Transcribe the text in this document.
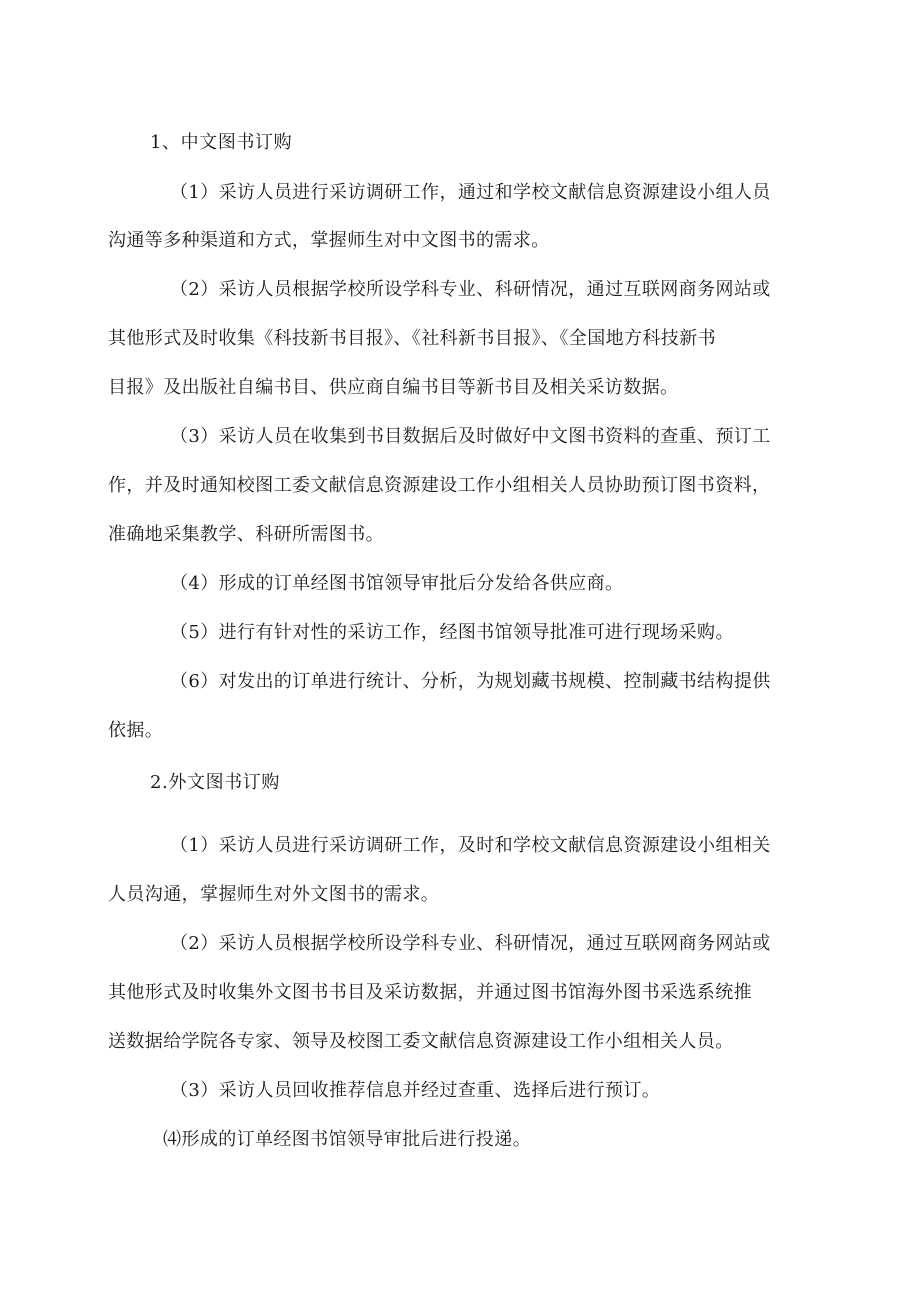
1、中文图书订购
（1）采访人员进行采访调研工作，通过和学校文献信息资源建设小组人员
沟通等多种渠道和方式，掌握师生对中文图书的需求。
（2）采访人员根据学校所设学科专业、科研情况，通过互联网商务网站或
其他形式及时收集《科技新书目报》、《社科新书目报》、《全国地方科技新书
目报》及出版社自编书目、供应商自编书目等新书目及相关采访数据。
（3）采访人员在收集到书目数据后及时做好中文图书资料的查重、预订工
作，并及时通知校图工委文献信息资源建设工作小组相关人员协助预订图书资料，
准确地采集教学、科研所需图书。
（4）形成的订单经图书馆领导审批后分发给各供应商。
（5）进行有针对性的采访工作，经图书馆领导批准可进行现场采购。
（6）对发出的订单进行统计、分析，为规划藏书规模、控制藏书结构提供
依据。
2.外文图书订购
（1）采访人员进行采访调研工作，及时和学校文献信息资源建设小组相关
人员沟通，掌握师生对外文图书的需求。
（2）采访人员根据学校所设学科专业、科研情况，通过互联网商务网站或
其他形式及时收集外文图书书目及采访数据，并通过图书馆海外图书采选系统推
送数据给学院各专家、领导及校图工委文献信息资源建设工作小组相关人员。
（3）采访人员回收推荐信息并经过查重、选择后进行预订。
⑷形成的订单经图书馆领导审批后进行投递。
